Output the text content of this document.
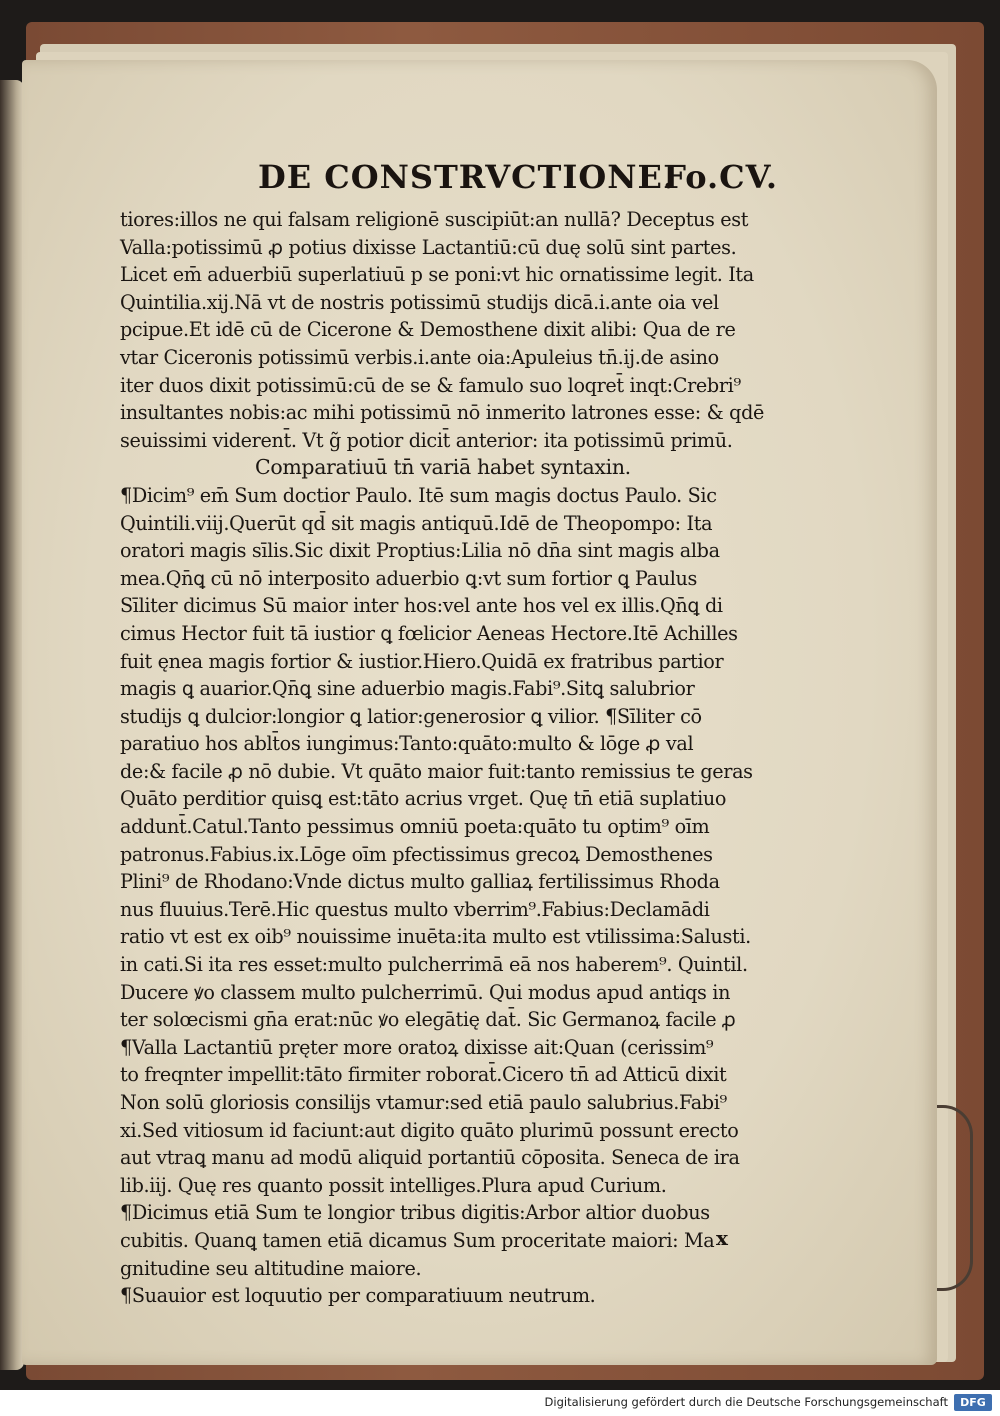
DE CONSTRVCTIONE.
Fo.CV.
tiores:illos ne qui falsam religionē suscipiūt:an nullā? Deceptus est
Valla:potissimū ꝓ potius dixisse Lactantiū:cū duę solū sint partes.
Licet em̄ aduerbiū superlatiuū p se poni:vt hic ornatissime legit. Ita
Quintilia.xij.Nā vt de nostris potissimū studijs dicā.i.ante oia vel
pcipue.Et idē cū de Cicerone & Demosthene dixit alibi: Qua de re
vtar Ciceronis potissimū verbis.i.ante oia:Apuleius tn̄.ij.de asino
iter duos dixit potissimū:cū de se & famulo suo loqret̄ inqt:Crebri⁹
insultantes nobis:ac mihi potissimū nō inmerito latrones esse: & qdē
seuissimi viderent̄. Vt g̃ potior dicit̄ anterior: ita potissimū primū.
Comparatiuū tn̄ variā habet syntaxin.
¶Dicim⁹ em̄ Sum doctior Paulo. Itē sum magis doctus Paulo. Sic
Quintili.viij.Querūt qd̄ sit magis antiquū.Idē de Theopompo: Ita
oratori magis sīlis.Sic dixit Proptius:Lilia nō dn̄a sint magis alba
mea.Qn̄ꝗ cū nō interposito aduerbio ꝗ:vt sum fortior ꝗ Paulus
Sīliter dicimus Sū maior inter hos:vel ante hos vel ex illis.Qn̄ꝗ di
cimus Hector fuit tā iustior ꝗ fœlicior Aeneas Hectore.Itē Achilles
fuit ęnea magis fortior & iustior.Hiero.Quidā ex fratribus partior
magis ꝗ auarior.Qn̄ꝗ sine aduerbio magis.Fabi⁹.Sitꝗ salubrior
studijs ꝗ dulcior:longior ꝗ latior:generosior ꝗ vilior. ¶Sīliter cō
paratiuo hos ablt̄os iungimus:Tanto:quāto:multo & lōge ꝓ val
de:& facile ꝓ nō dubie. Vt quāto maior fuit:tanto remissius te geras
Quāto perditior quisꝗ est:tāto acrius vrget. Quę tn̄ etiā suplatiuo
addunt̄.Catul.Tanto pessimus omniū poeta:quāto tu optim⁹ oīm
patronus.Fabius.ix.Lōge oīm pfectissimus grecoꝝ Demosthenes
Plini⁹ de Rhodano:Vnde dictus multo galliaꝝ fertilissimus Rhoda
nus fluuius.Terē.Hic questus multo vberrim⁹.Fabius:Declamādi
ratio vt est ex oib⁹ nouissime inuēta:ita multo est vtilissima:Salusti.
in cati.Si ita res esset:multo pulcherrimā eā nos haberem⁹. Quintil.
Ducere ꝟo classem multo pulcherrimū. Qui modus apud antiqs in
ter solœcismi gn̄a erat:nūc ꝟo elegātię dat̄. Sic Germanoꝝ facile ꝓ
¶Valla Lactantiū pręter more oratoꝝ dixisse ait:Quan (cerissim⁹
to freqnter impellit:tāto firmiter roborat̄.Cicero tn̄ ad Atticū dixit
Non solū gloriosis consilijs vtamur:sed etiā paulo salubrius.Fabi⁹
xi.Sed vitiosum id faciunt:aut digito quāto plurimū possunt erecto
aut vtraꝗ manu ad modū aliquid portantiū cōposita. Seneca de ira
lib.iij. Quę res quanto possit intelliges.Plura apud Curium.
¶Dicimus etiā Sum te longior tribus digitis:Arbor altior duobus
cubitis. Quanꝗ tamen etiā dicamus Sum proceritate maiori: Ma
gnitudine seu altitudine maiore.
¶Suauior est loquutio per comparatiuum neutrum.
x
Digitalisierung gefördert durch die Deutsche Forschungsgemeinschaft	DFG
